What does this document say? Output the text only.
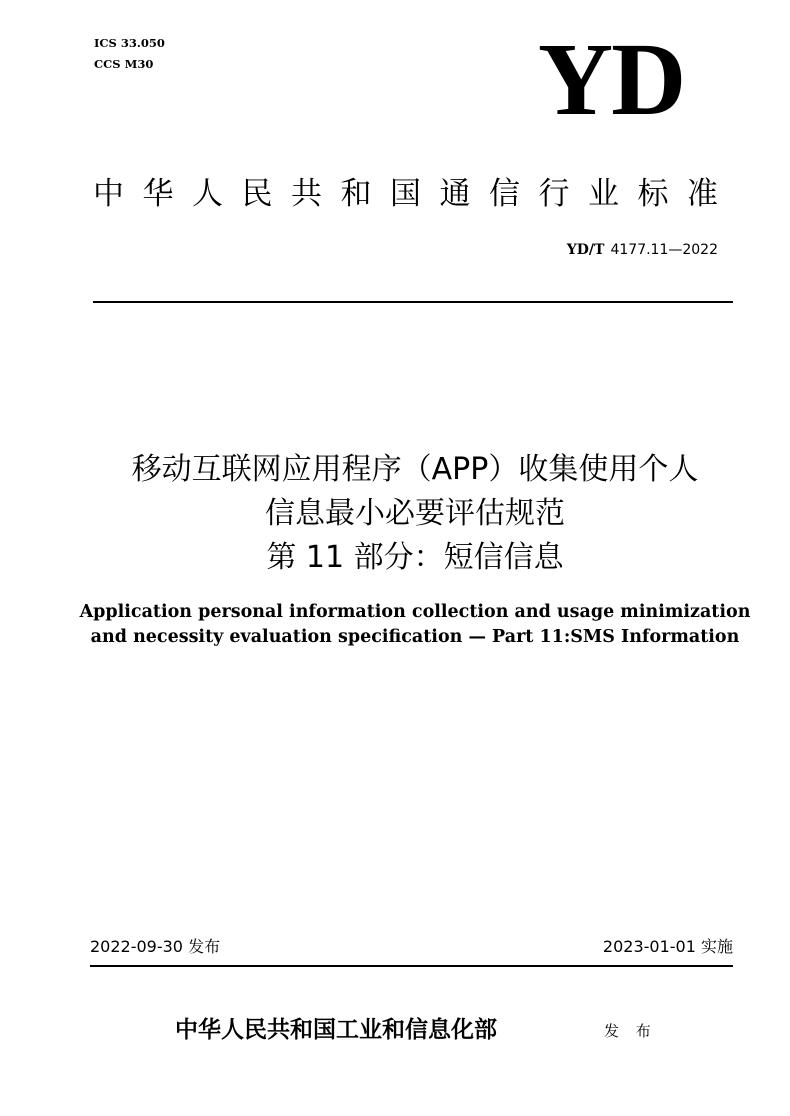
ICS 33.050
CCS M30	YD
中华人民共和国通信行业标准
YD/T 4177.11—2022
移动互联网应用程序（APP）收集使用个人
信息最小必要评估规范
第 11 部分：短信信息
Application personal information collection and usage minimization
and necessity evaluation specification — Part 11:SMS Information
2022-09-30 发布	2023-01-01 实施
中华人民共和国工业和信息化部	发 布
